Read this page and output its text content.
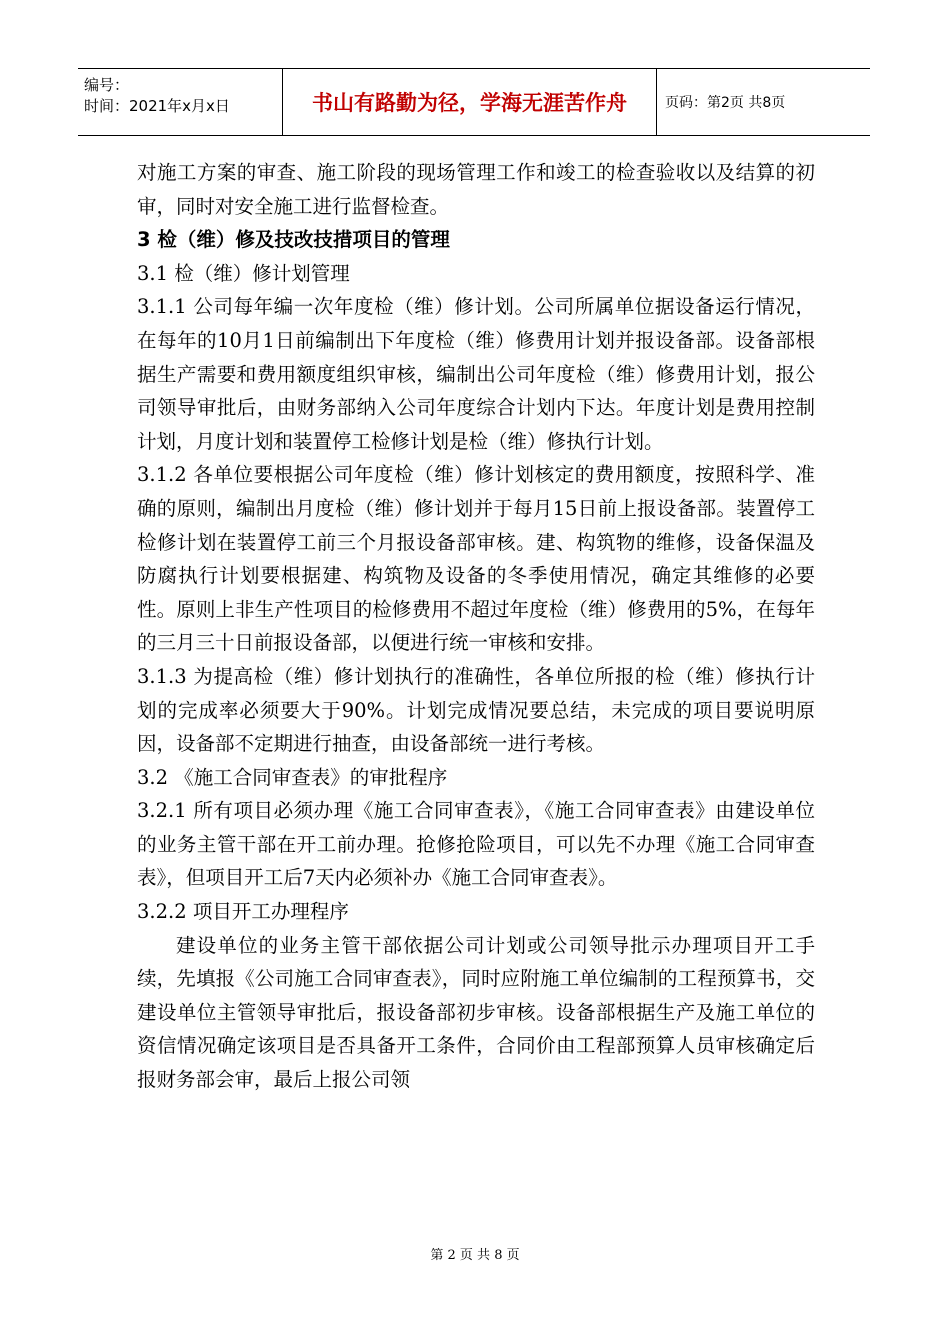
编号：
时间：2021年x月x日	书山有路勤为径，学海无涯苦作舟	页码：第2页 共8页

对施工方案的审查、施工阶段的现场管理工作和竣工的检查验收以及结算的初审，同时对安全施工进行监督检查。

3 检（维）修及技改技措项目的管理

3.1 检（维）修计划管理

3.1.1 公司每年编一次年度检（维）修计划。公司所属单位据设备运行情况，在每年的10月1日前编制出下年度检（维）修费用计划并报设备部。设备部根据生产需要和费用额度组织审核，编制出公司年度检（维）修费用计划，报公司领导审批后，由财务部纳入公司年度综合计划内下达。年度计划是费用控制计划，月度计划和装置停工检修计划是检（维）修执行计划。

3.1.2 各单位要根据公司年度检（维）修计划核定的费用额度，按照科学、准确的原则，编制出月度检（维）修计划并于每月15日前上报设备部。装置停工检修计划在装置停工前三个月报设备部审核。建、构筑物的维修，设备保温及防腐执行计划要根据建、构筑物及设备的冬季使用情况，确定其维修的必要性。原则上非生产性项目的检修费用不超过年度检（维）修费用的5%，在每年的三月三十日前报设备部，以便进行统一审核和安排。

3.1.3 为提高检（维）修计划执行的准确性，各单位所报的检（维）修执行计划的完成率必须要大于90%。计划完成情况要总结，未完成的项目要说明原因，设备部不定期进行抽查，由设备部统一进行考核。

3.2 《施工合同审查表》的审批程序

3.2.1 所有项目必须办理《施工合同审查表》，《施工合同审查表》由建设单位的业务主管干部在开工前办理。抢修抢险项目，可以先不办理《施工合同审查表》，但项目开工后7天内必须补办《施工合同审查表》。

3.2.2 项目开工办理程序

建设单位的业务主管干部依据公司计划或公司领导批示办理项目开工手续，先填报《公司施工合同审查表》，同时应附施工单位编制的工程预算书，交建设单位主管领导审批后，报设备部初步审核。设备部根据生产及施工单位的资信情况确定该项目是否具备开工条件，合同价由工程部预算人员审核确定后报财务部会审，最后上报公司领

第 2 页 共 8 页
